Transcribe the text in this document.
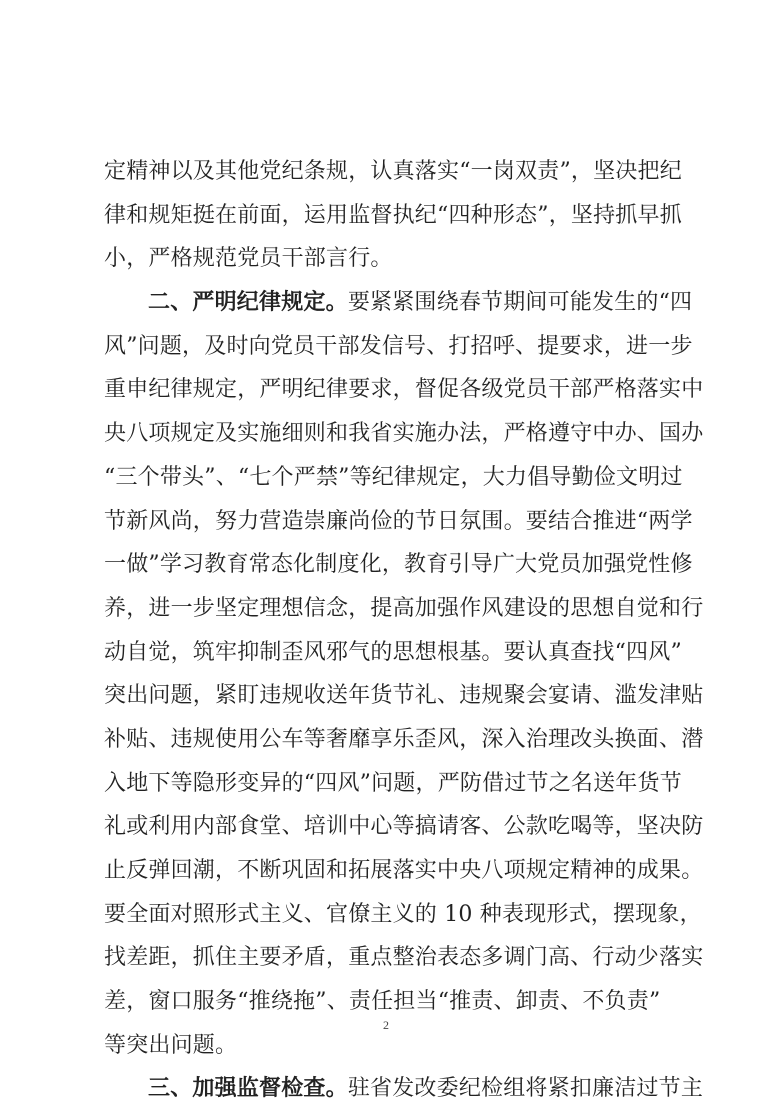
定精神以及其他党纪条规，认真落实“一岗双责”，坚决把纪
律和规矩挺在前面，运用监督执纪“四种形态”，坚持抓早抓
小，严格规范党员干部言行。
二、严明纪律规定。要紧紧围绕春节期间可能发生的“四
风”问题，及时向党员干部发信号、打招呼、提要求，进一步
重申纪律规定，严明纪律要求，督促各级党员干部严格落实中
央八项规定及实施细则和我省实施办法，严格遵守中办、国办
“三个带头”、“七个严禁”等纪律规定，大力倡导勤俭文明过
节新风尚，努力营造崇廉尚俭的节日氛围。要结合推进“两学
一做”学习教育常态化制度化，教育引导广大党员加强党性修
养，进一步坚定理想信念，提高加强作风建设的思想自觉和行
动自觉，筑牢抑制歪风邪气的思想根基。要认真查找“四风”
突出问题，紧盯违规收送年货节礼、违规聚会宴请、滥发津贴
补贴、违规使用公车等奢靡享乐歪风，深入治理改头换面、潜
入地下等隐形变异的“四风”问题，严防借过节之名送年货节
礼或利用内部食堂、培训中心等搞请客、公款吃喝等，坚决防
止反弹回潮，不断巩固和拓展落实中央八项规定精神的成果。
要全面对照形式主义、官僚主义的 10 种表现形式，摆现象，
找差距，抓住主要矛盾，重点整治表态多调门高、行动少落实
差，窗口服务“推绕拖”、责任担当“推责、卸责、不负责”
等突出问题。
三、加强监督检查。驻省发改委纪检组将紧扣廉洁过节主
2
